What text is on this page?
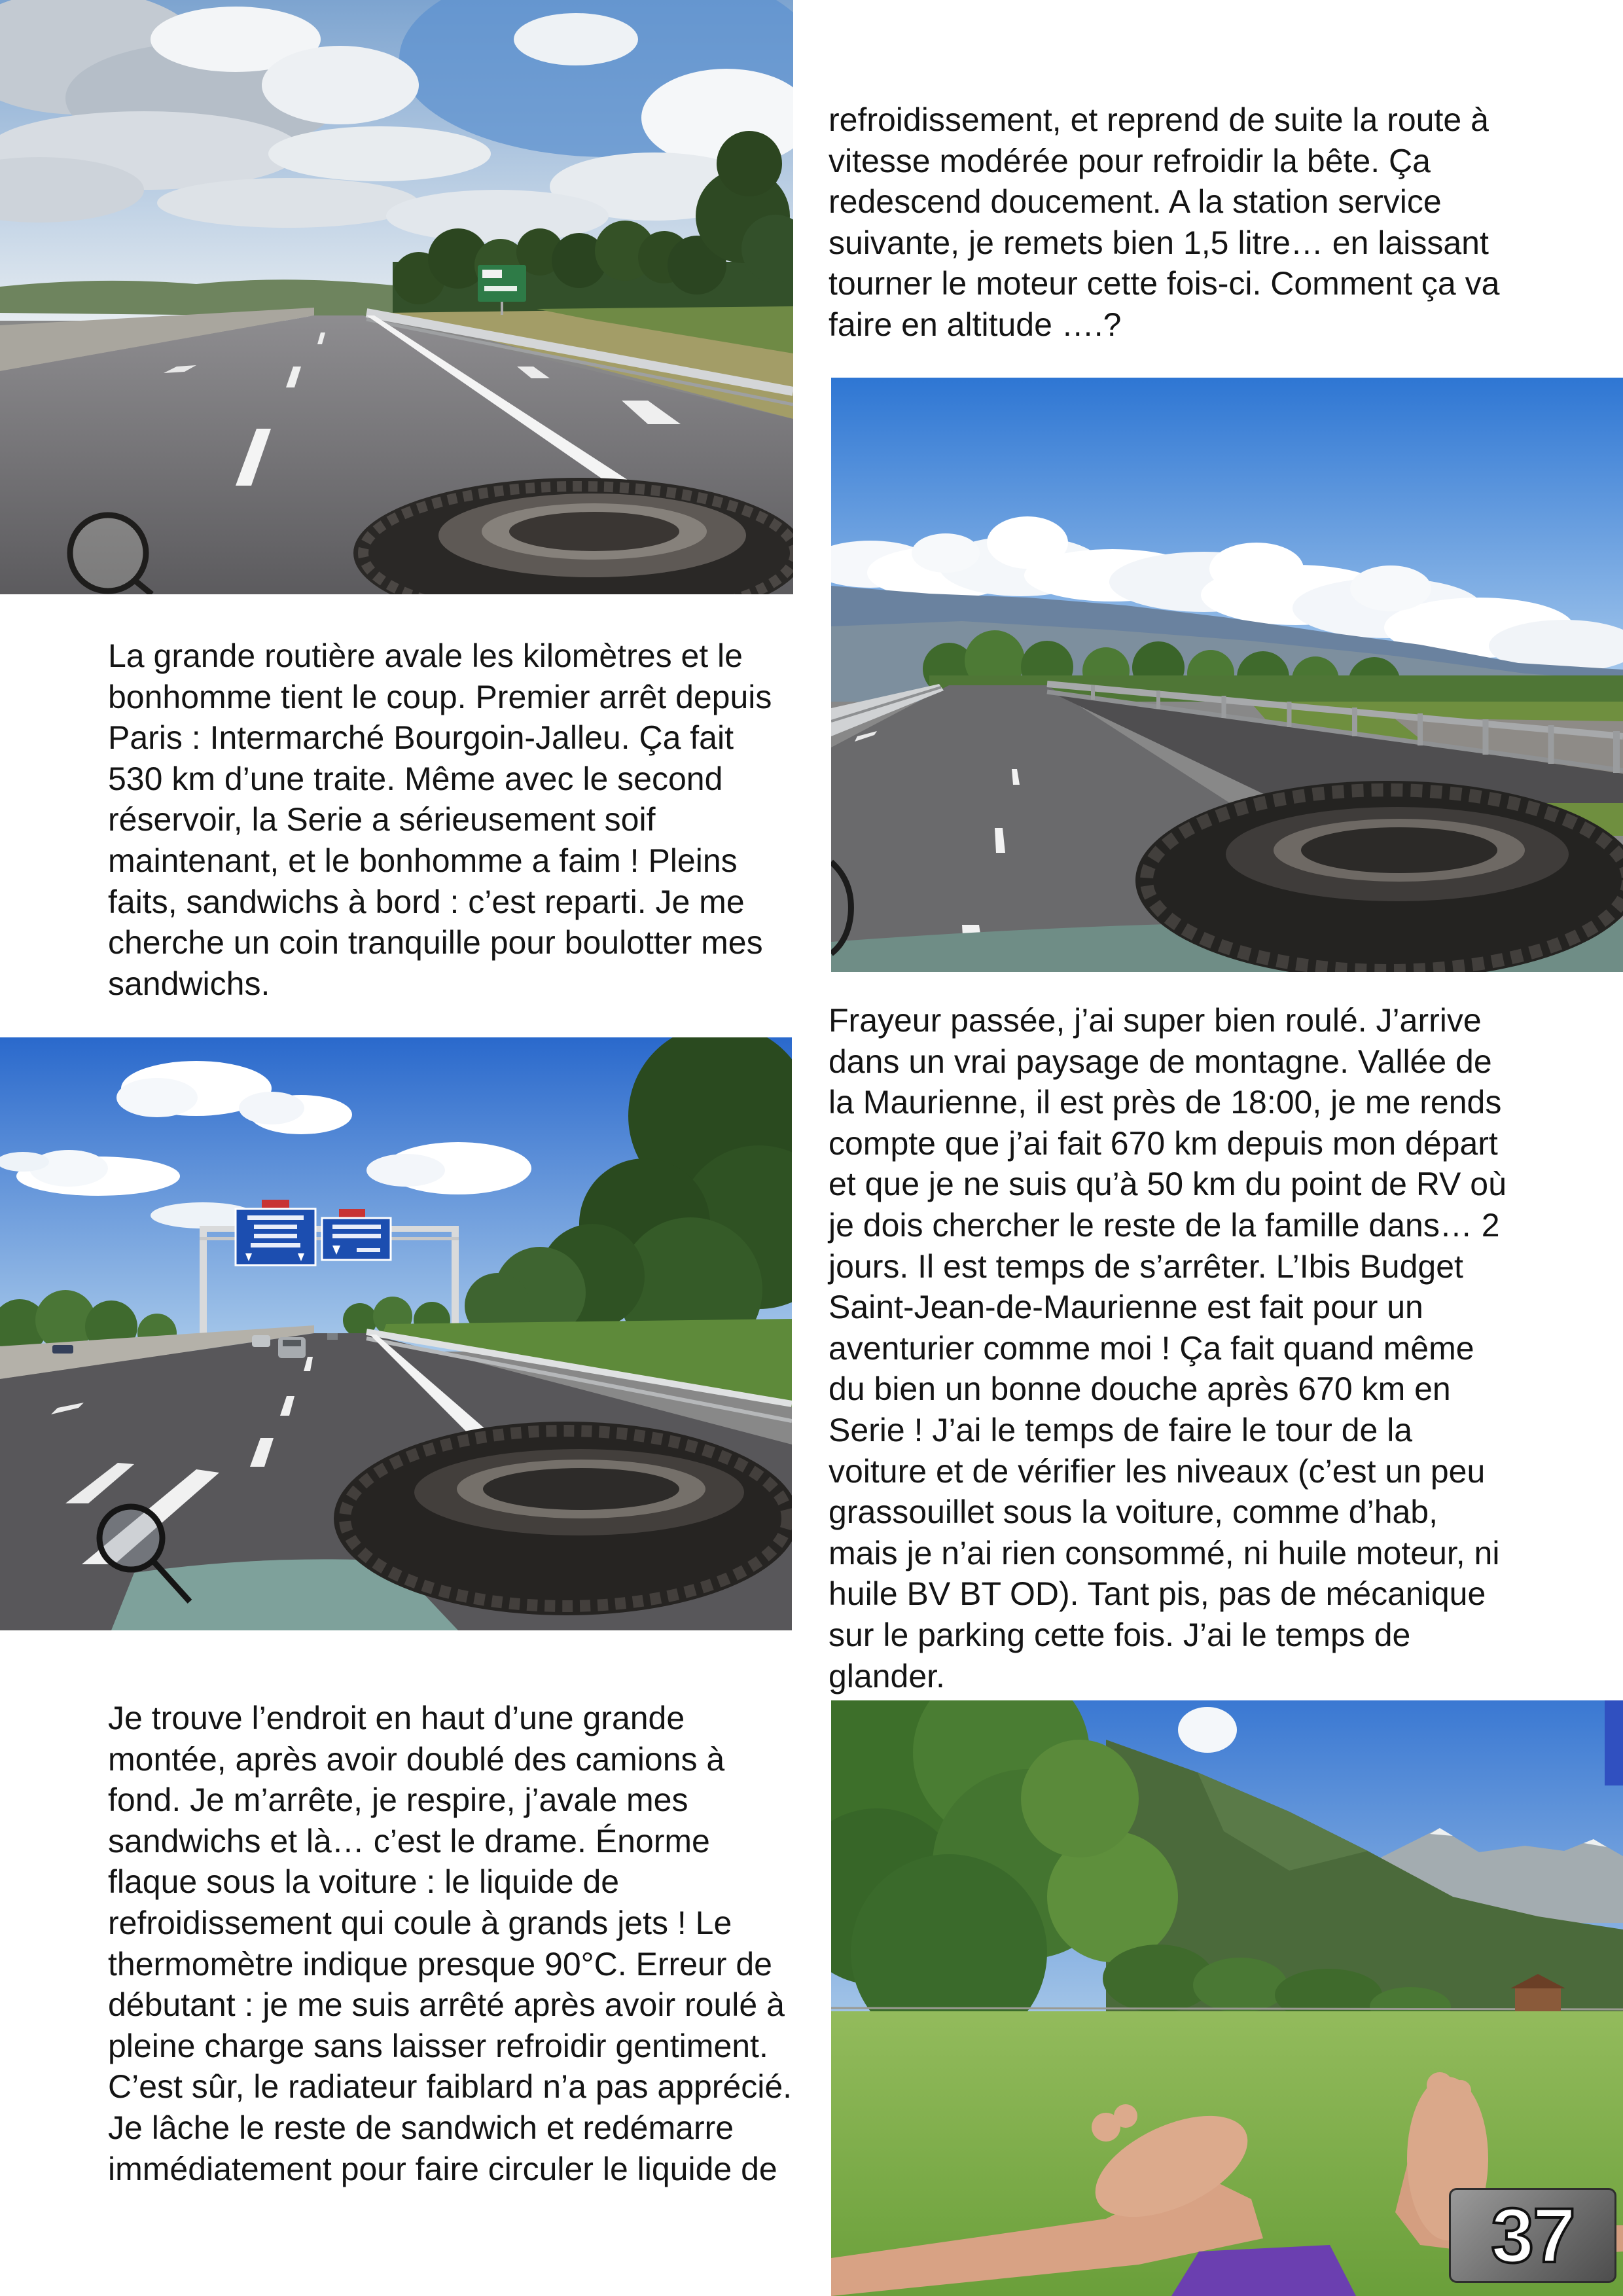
refroidissement, et reprend de suite la route à
vitesse modérée pour refroidir la bête. Ça
redescend doucement. A la station service
suivante, je remets bien 1,5 litre… en laissant
tourner le moteur cette fois-ci. Comment ça va
faire en altitude ….?
La grande routière avale les kilomètres et le
bonhomme tient le coup. Premier arrêt depuis
Paris : Intermarché Bourgoin-Jalleu. Ça fait
530 km d’une traite. Même avec le second
réservoir, la Serie a sérieusement soif
maintenant, et le bonhomme a faim ! Pleins
faits, sandwichs à bord : c’est reparti. Je me
cherche un coin tranquille pour boulotter mes
sandwichs.
Frayeur passée, j’ai super bien roulé. J’arrive
dans un vrai paysage de montagne. Vallée de
la Maurienne, il est près de 18:00, je me rends
compte que j’ai fait 670 km depuis mon départ
et que je ne suis qu’à 50 km du point de RV où
je dois chercher le reste de la famille dans… 2
jours. Il est temps de s’arrêter. L’Ibis Budget
Saint-Jean-de-Maurienne est fait pour un
aventurier comme moi ! Ça fait quand même
du bien un bonne douche après 670 km en
Serie ! J’ai le temps de faire le tour de la
voiture et de vérifier les niveaux (c’est un peu
grassouillet sous la voiture, comme d’hab,
mais je n’ai rien consommé, ni huile moteur, ni
huile BV BT OD). Tant pis, pas de mécanique
sur le parking cette fois. J’ai le temps de
glander.
Je trouve l’endroit en haut d’une grande
montée, après avoir doublé des camions à
fond. Je m’arrête, je respire, j’avale mes
sandwichs et là… c’est le drame. Énorme
flaque sous la voiture : le liquide de
refroidissement qui coule à grands jets ! Le
thermomètre indique presque 90°C. Erreur de
débutant : je me suis arrêté après avoir roulé à
pleine charge sans laisser refroidir gentiment.
C’est sûr, le radiateur faiblard n’a pas apprécié.
Je lâche le reste de sandwich et redémarre
immédiatement pour faire circuler le liquide de
37
